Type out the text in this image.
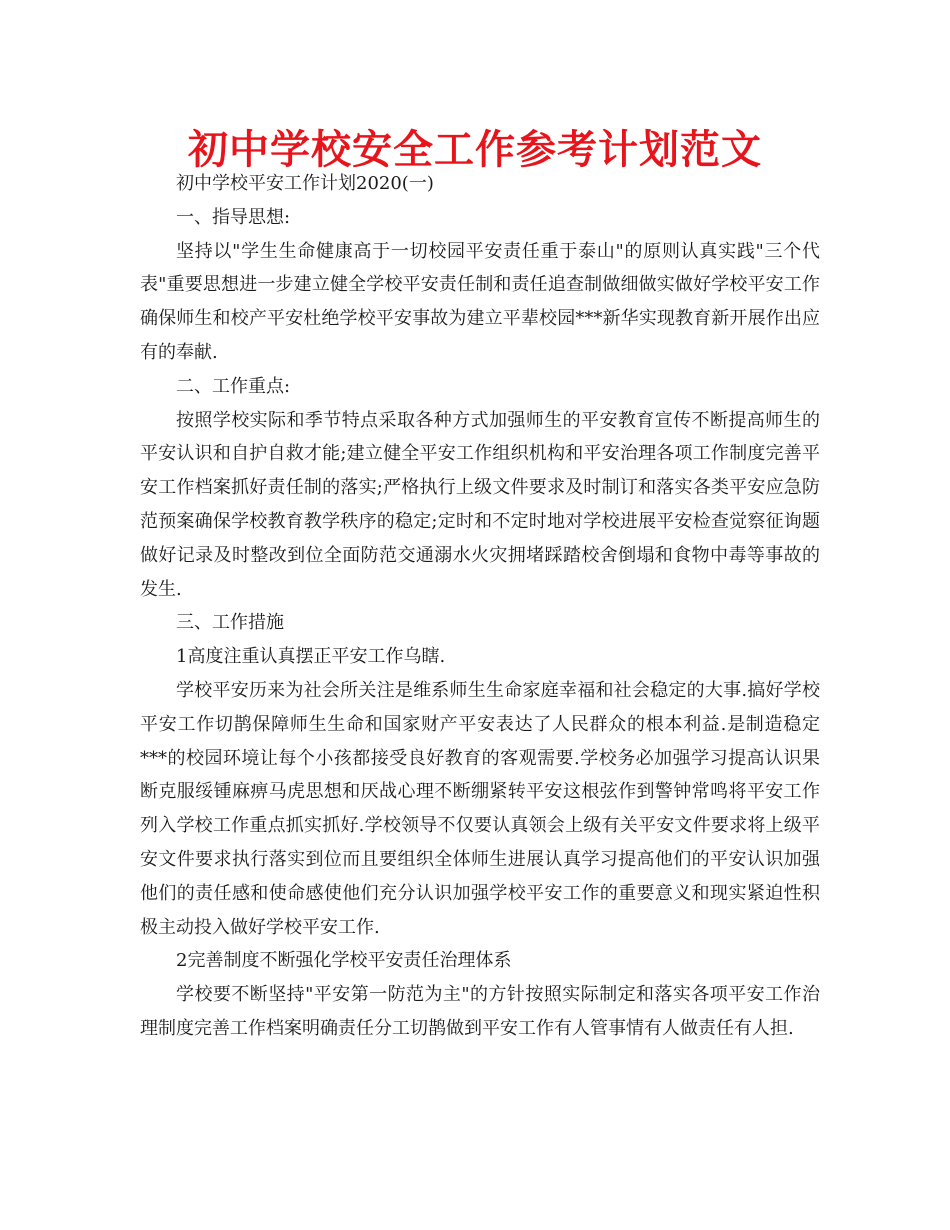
初中学校安全工作参考计划范文

初中学校平安工作计划2020(一)

一、指导思想:

坚持以"学生生命健康高于一切校园平安责任重于泰山"的原则认真实践"三个代表"重要思想进一步建立健全学校平安责任制和责任追查制做细做实做好学校平安工作确保师生和校产平安杜绝学校平安事故为建立平辈校园***新华实现教育新开展作出应有的奉献.

二、工作重点:

按照学校实际和季节特点采取各种方式加强师生的平安教育宣传不断提高师生的平安认识和自护自救才能;建立健全平安工作组织机构和平安治理各项工作制度完善平安工作档案抓好责任制的落实;严格执行上级文件要求及时制订和落实各类平安应急防范预案确保学校教育教学秩序的稳定;定时和不定时地对学校进展平安检查觉察征询题做好记录及时整改到位全面防范交通溺水火灾拥堵踩踏校舍倒塌和食物中毒等事故的发生.

三、工作措施

1高度注重认真摆正平安工作乌瞎.

学校平安历来为社会所关注是维系师生生命家庭幸福和社会稳定的大事.搞好学校平安工作切鹊保障师生生命和国家财产平安表达了人民群众的根本利益.是制造稳定***的校园环境让每个小孩都接受良好教育的客观需要.学校务必加强学习提高认识果断克服绥锺麻痹马虎思想和厌战心理不断绷紧转平安这根弦作到警钟常鸣将平安工作列入学校工作重点抓实抓好.学校领导不仅要认真领会上级有关平安文件要求将上级平安文件要求执行落实到位而且要组织全体师生进展认真学习提高他们的平安认识加强他们的责任感和使命感使他们充分认识加强学校平安工作的重要意义和现实紧迫性积极主动投入做好学校平安工作.

2完善制度不断强化学校平安责任治理体系

学校要不断坚持"平安第一防范为主"的方针按照实际制定和落实各项平安工作治理制度完善工作档案明确责任分工切鹊做到平安工作有人管事情有人做责任有人担.
